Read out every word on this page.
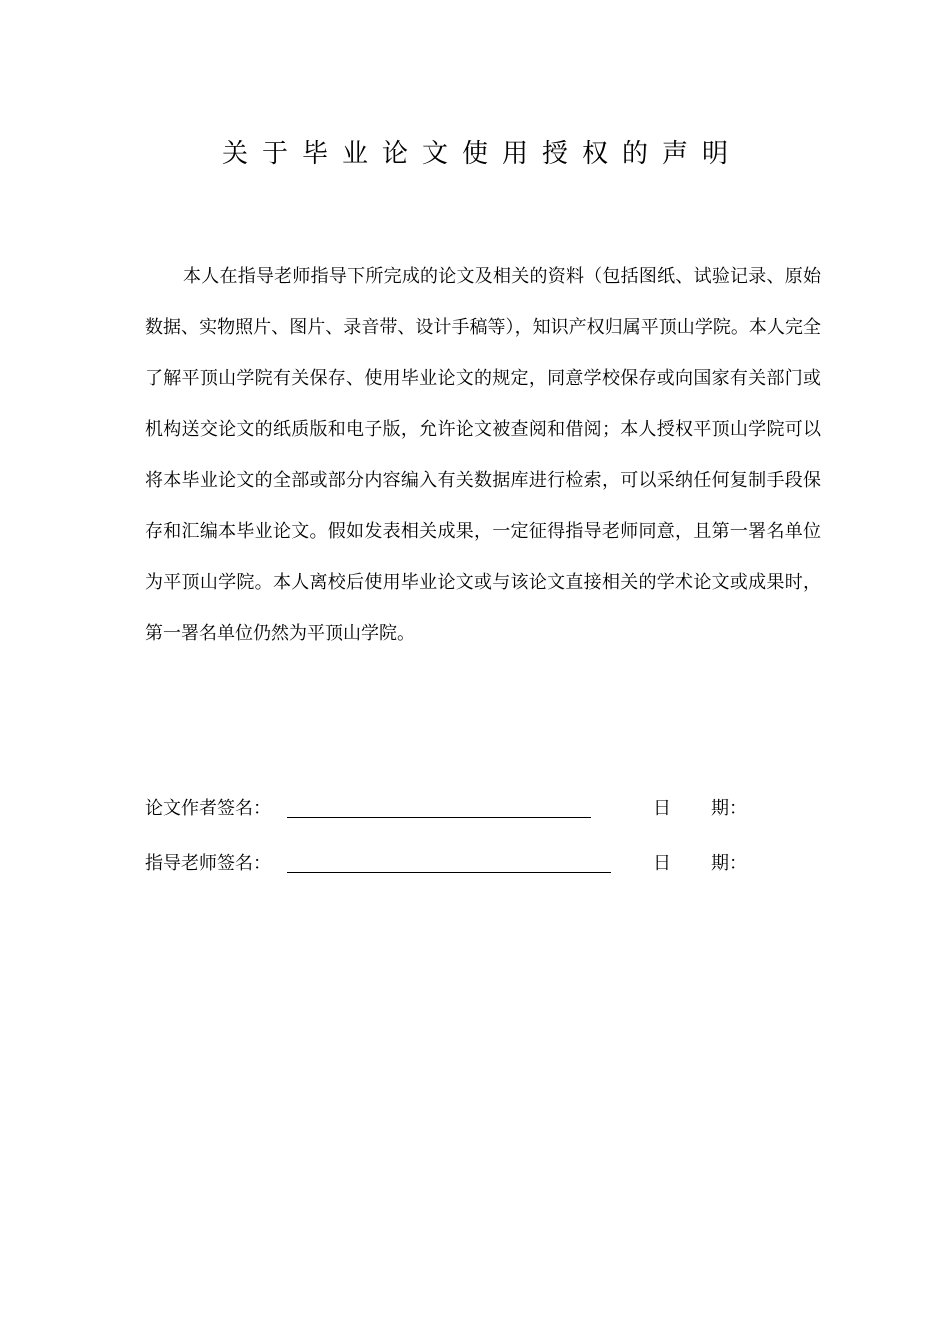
关于毕业论文使用授权的声明

本人在指导老师指导下所完成的论文及相关的资料（包括图纸、试验记录、原始数据、实物照片、图片、录音带、设计手稿等），知识产权归属平顶山学院。本人完全了解平顶山学院有关保存、使用毕业论文的规定，同意学校保存或向国家有关部门或机构送交论文的纸质版和电子版，允许论文被查阅和借阅；本人授权平顶山学院可以将本毕业论文的全部或部分内容编入有关数据库进行检索，可以采纳任何复制手段保存和汇编本毕业论文。假如发表相关成果，一定征得指导老师同意，且第一署名单位为平顶山学院。本人离校后使用毕业论文或与该论文直接相关的学术论文或成果时，第一署名单位仍然为平顶山学院。

论文作者签名：	日 期：
指导老师签名：	日 期：
